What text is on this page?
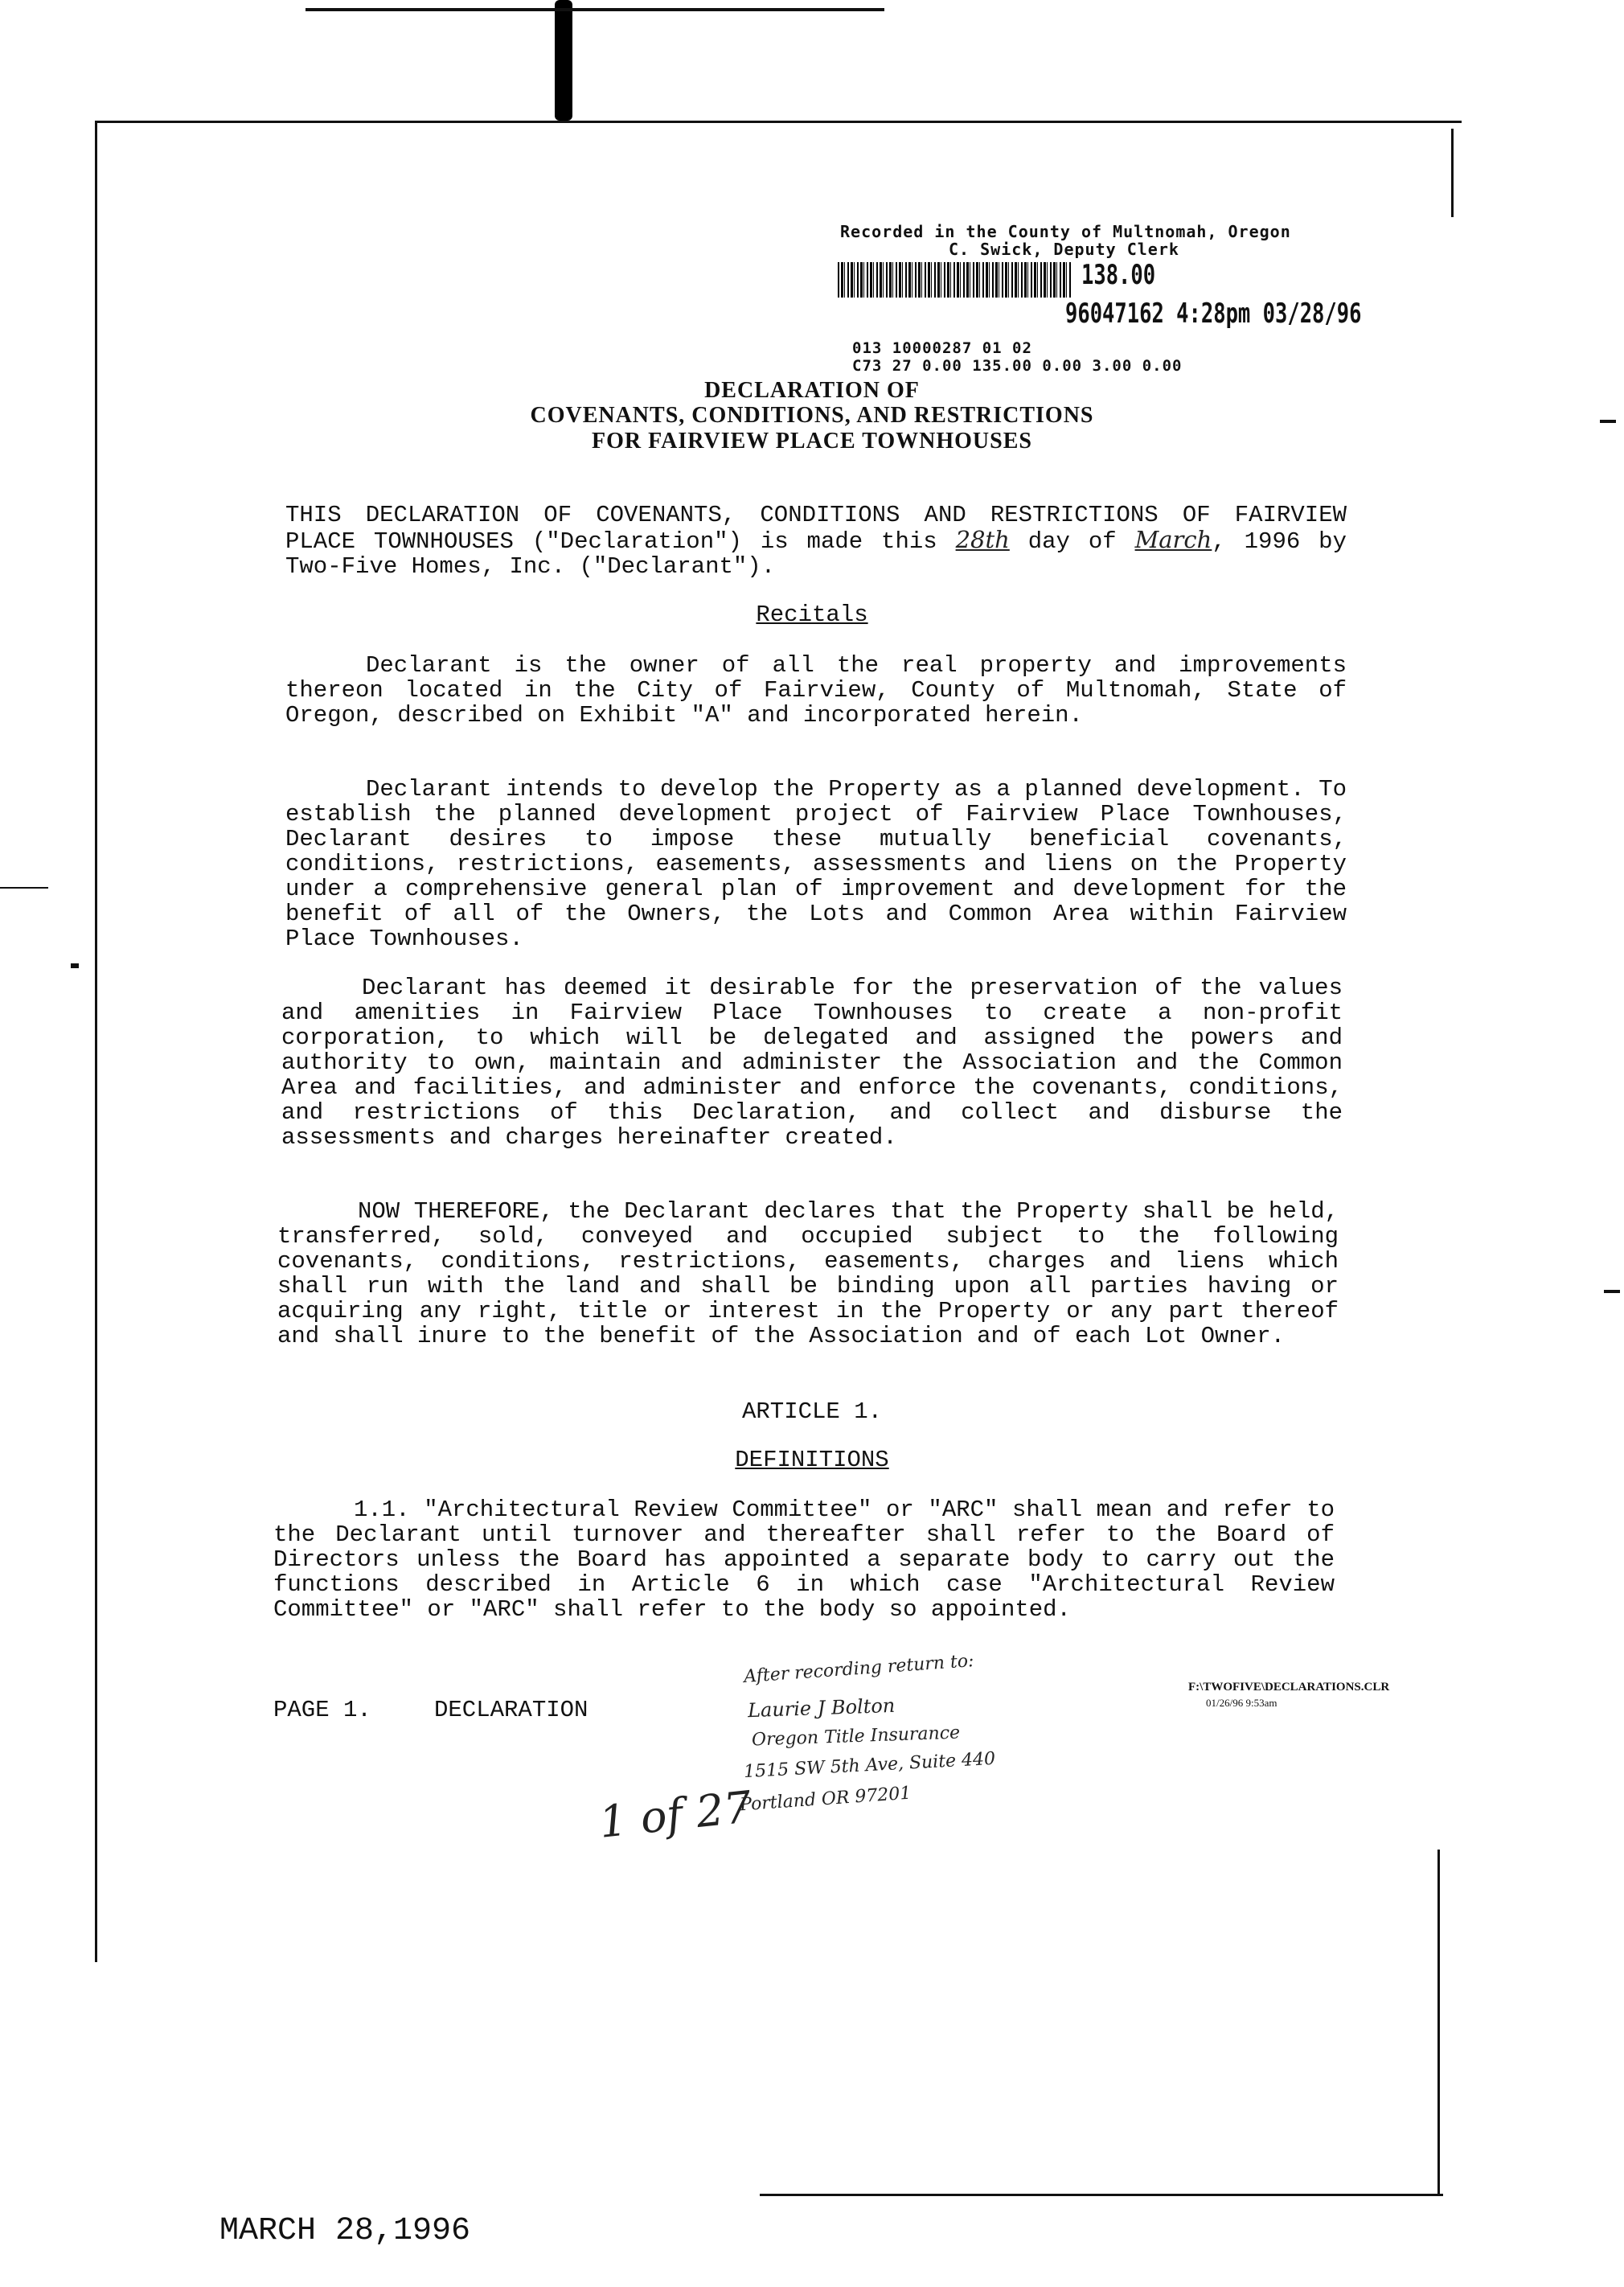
Recorded in the County of Multnomah, Oregon
C. Swick, Deputy Clerk
138.00
96047162 4:28pm 03/28/96
013 10000287 01 02
C73 27 0.00 135.00 0.00 3.00 0.00
DECLARATION OF
COVENANTS, CONDITIONS, AND RESTRICTIONS
FOR FAIRVIEW PLACE TOWNHOUSES
THIS DECLARATION OF COVENANTS, CONDITIONS AND RESTRICTIONS OF FAIRVIEW PLACE TOWNHOUSES ("Declaration") is made this 28th day of March, 1996 by Two-Five Homes, Inc. ("Declarant").
Recitals
Declarant is the owner of all the real property and improvements thereon located in the City of Fairview, County of Multnomah, State of Oregon, described on Exhibit "A" and incorporated herein.
Declarant intends to develop the Property as a planned development. To establish the planned development project of Fairview Place Townhouses, Declarant desires to impose these mutually beneficial covenants, conditions, restrictions, easements, assessments and liens on the Property under a comprehensive general plan of improvement and development for the benefit of all of the Owners, the Lots and Common Area within Fairview Place Townhouses.
Declarant has deemed it desirable for the preservation of the values and amenities in Fairview Place Townhouses to create a non-profit corporation, to which will be delegated and assigned the powers and authority to own, maintain and administer the Association and the Common Area and facilities, and administer and enforce the covenants, conditions, and restrictions of this Declaration, and collect and disburse the assessments and charges hereinafter created.
NOW THEREFORE, the Declarant declares that the Property shall be held, transferred, sold, conveyed and occupied subject to the following covenants, conditions, restrictions, easements, charges and liens which shall run with the land and shall be binding upon all parties having or acquiring any right, title or interest in the Property or any part thereof and shall inure to the benefit of the Association and of each Lot Owner.
ARTICLE 1.
DEFINITIONS
1.1. "Architectural Review Committee" or "ARC" shall mean and refer to the Declarant until turnover and thereafter shall refer to the Board of Directors unless the Board has appointed a separate body to carry out the functions described in Article 6 in which case "Architectural Review Committee" or "ARC" shall refer to the body so appointed.
PAGE 1.	DECLARATION
F:\TWOFIVE\DECLARATIONS.CLR
01/26/96 9:53am
After recording return to:
Laurie J Bolton
Oregon Title Insurance
1515 SW 5th Ave, Suite 440
Portland OR 97201
1 of 27
MARCH 28,1996
